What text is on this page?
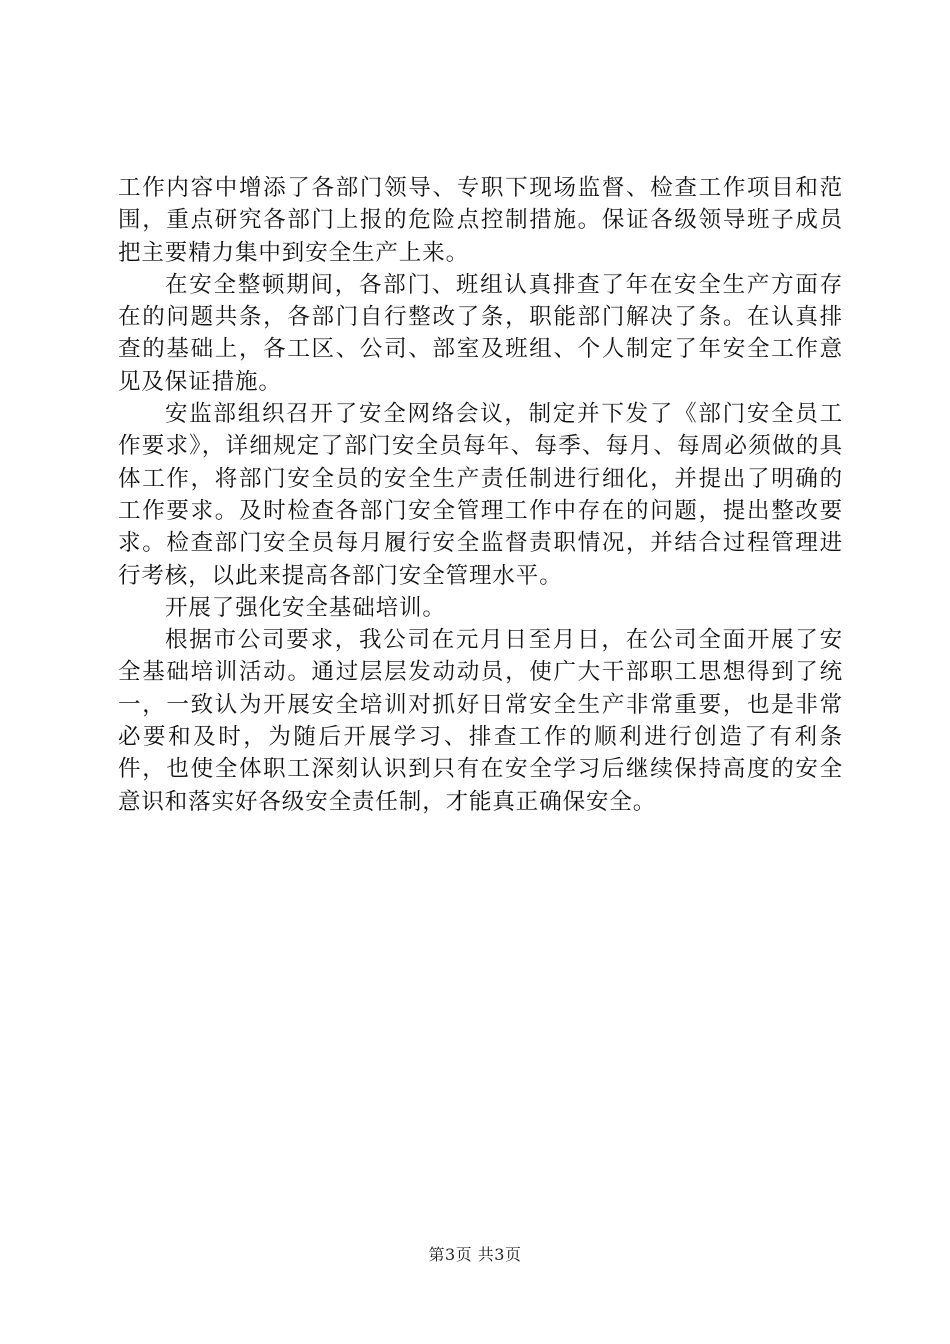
工作内容中增添了各部门领导、专职下现场监督、检查工作项目和范围，重点研究各部门上报的危险点控制措施。保证各级领导班子成员把主要精力集中到安全生产上来。

在安全整顿期间，各部门、班组认真排查了年在安全生产方面存在的问题共条，各部门自行整改了条，职能部门解决了条。在认真排查的基础上，各工区、公司、部室及班组、个人制定了年安全工作意见及保证措施。

安监部组织召开了安全网络会议，制定并下发了《部门安全员工作要求》，详细规定了部门安全员每年、每季、每月、每周必须做的具体工作，将部门安全员的安全生产责任制进行细化，并提出了明确的工作要求。及时检查各部门安全管理工作中存在的问题，提出整改要求。检查部门安全员每月履行安全监督责职情况，并结合过程管理进行考核，以此来提高各部门安全管理水平。

开展了强化安全基础培训。

根据市公司要求，我公司在元月日至月日，在公司全面开展了安全基础培训活动。通过层层发动动员，使广大干部职工思想得到了统一，一致认为开展安全培训对抓好日常安全生产非常重要，也是非常必要和及时，为随后开展学习、排查工作的顺利进行创造了有利条件，也使全体职工深刻认识到只有在安全学习后继续保持高度的安全意识和落实好各级安全责任制，才能真正确保安全。

第3页 共3页
